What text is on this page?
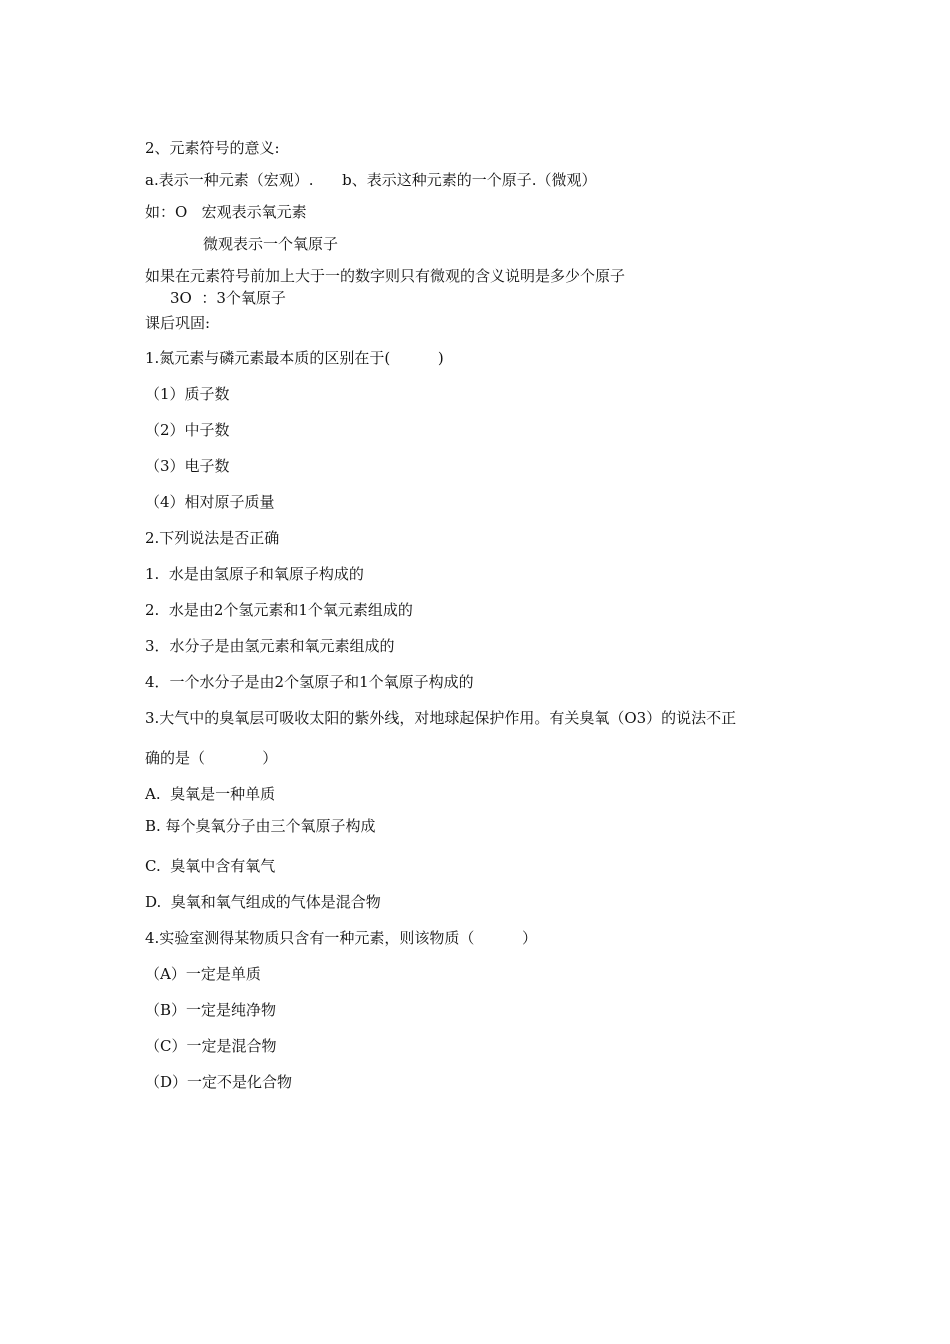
2、元素符号的意义:
a.表示一种元素（宏观）.      b、表示这种元素的一个原子.（微观）
如：O   宏观表示氧元素
微观表示一个氧原子
如果在元素符号前加上大于一的数字则只有微观的含义说明是多少个原子
3O  ：3个氧原子
课后巩固:
1.氮元素与磷元素最本质的区别在于(          )
（1）质子数
（2）中子数
（3）电子数
（4）相对原子质量
2.下列说法是否正确
1.  水是由氢原子和氧原子构成的
2.  水是由2个氢元素和1个氧元素组成的
3．水分子是由氢元素和氧元素组成的
4．一个水分子是由2个氢原子和1个氧原子构成的
3.大气中的臭氧层可吸收太阳的紫外线，对地球起保护作用。有关臭氧（O3）的说法不正
确的是（            ）
A.  臭氧是一种单质
B. 每个臭氧分子由三个氧原子构成
C.  臭氧中含有氧气
D.  臭氧和氧气组成的气体是混合物
4.实验室测得某物质只含有一种元素，则该物质（          ）
（A）一定是单质
（B）一定是纯净物
（C）一定是混合物
（D）一定不是化合物
